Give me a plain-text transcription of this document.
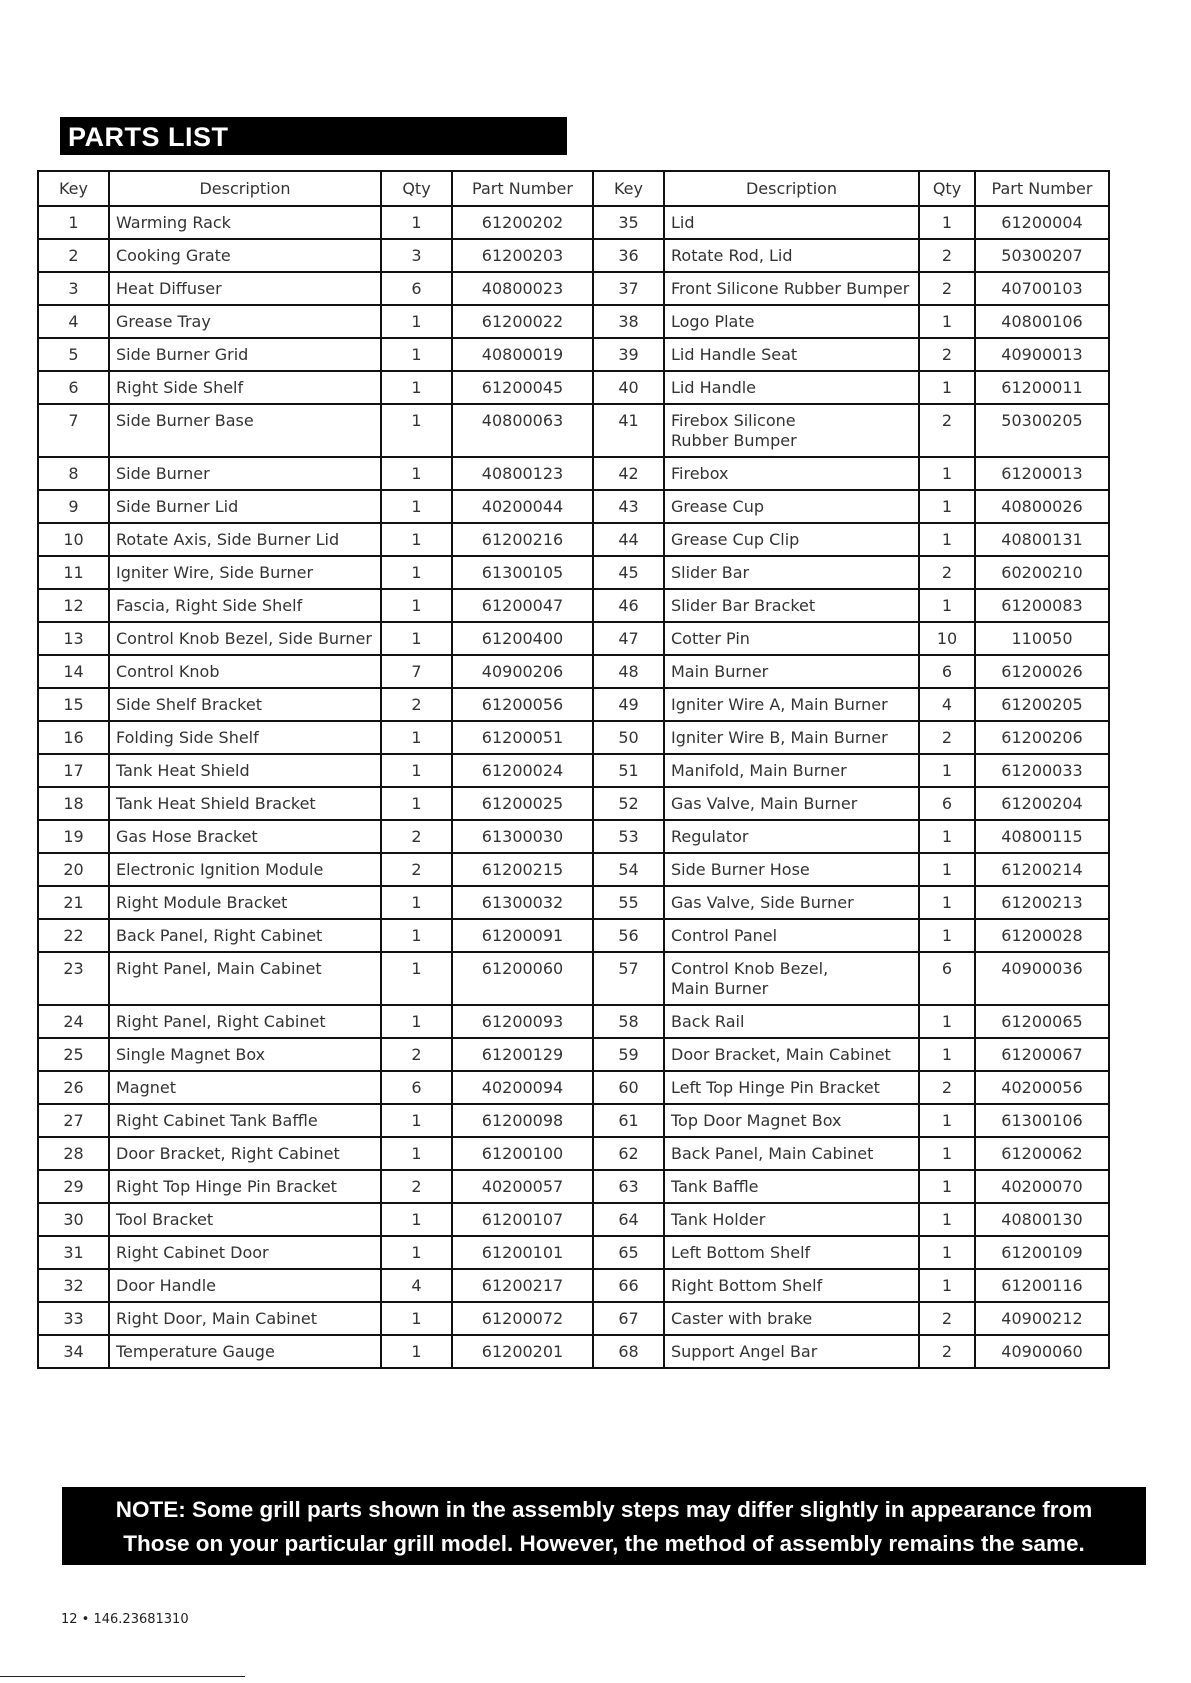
PARTS LIST
Key	Description	Qty	Part Number	Key	Description	Qty	Part Number
1	Warming Rack	1	61200202	35	Lid	1	61200004
2	Cooking Grate	3	61200203	36	Rotate Rod, Lid	2	50300207
3	Heat Diffuser	6	40800023	37	Front Silicone Rubber Bumper	2	40700103
4	Grease Tray	1	61200022	38	Logo Plate	1	40800106
5	Side Burner Grid	1	40800019	39	Lid Handle Seat	2	40900013
6	Right Side Shelf	1	61200045	40	Lid Handle	1	61200011
7	Side Burner Base	1	40800063	41	Firebox Silicone
Rubber Bumper	2	50300205
8	Side Burner	1	40800123	42	Firebox	1	61200013
9	Side Burner Lid	1	40200044	43	Grease Cup	1	40800026
10	Rotate Axis, Side Burner Lid	1	61200216	44	Grease Cup Clip	1	40800131
11	Igniter Wire, Side Burner	1	61300105	45	Slider Bar	2	60200210
12	Fascia, Right Side Shelf	1	61200047	46	Slider Bar Bracket	1	61200083
13	Control Knob Bezel, Side Burner	1	61200400	47	Cotter Pin	10	110050
14	Control Knob	7	40900206	48	Main Burner	6	61200026
15	Side Shelf Bracket	2	61200056	49	Igniter Wire A, Main Burner	4	61200205
16	Folding Side Shelf	1	61200051	50	Igniter Wire B, Main Burner	2	61200206
17	Tank Heat Shield	1	61200024	51	Manifold, Main Burner	1	61200033
18	Tank Heat Shield Bracket	1	61200025	52	Gas Valve, Main Burner	6	61200204
19	Gas Hose Bracket	2	61300030	53	Regulator	1	40800115
20	Electronic Ignition Module	2	61200215	54	Side Burner Hose	1	61200214
21	Right Module Bracket	1	61300032	55	Gas Valve, Side Burner	1	61200213
22	Back Panel, Right Cabinet	1	61200091	56	Control Panel	1	61200028
23	Right Panel, Main Cabinet	1	61200060	57	Control Knob Bezel,
Main Burner	6	40900036
24	Right Panel, Right Cabinet	1	61200093	58	Back Rail	1	61200065
25	Single Magnet Box	2	61200129	59	Door Bracket, Main Cabinet	1	61200067
26	Magnet	6	40200094	60	Left Top Hinge Pin Bracket	2	40200056
27	Right Cabinet Tank Baffle	1	61200098	61	Top Door Magnet Box	1	61300106
28	Door Bracket, Right Cabinet	1	61200100	62	Back Panel, Main Cabinet	1	61200062
29	Right Top Hinge Pin Bracket	2	40200057	63	Tank Baffle	1	40200070
30	Tool Bracket	1	61200107	64	Tank Holder	1	40800130
31	Right Cabinet Door	1	61200101	65	Left Bottom Shelf	1	61200109
32	Door Handle	4	61200217	66	Right Bottom Shelf	1	61200116
33	Right Door, Main Cabinet	1	61200072	67	Caster with brake	2	40900212
34	Temperature Gauge	1	61200201	68	Support Angel Bar	2	40900060
NOTE: Some grill parts shown in the assembly steps may differ slightly in appearance from
Those on your particular grill model. However, the method of assembly remains the same.
12 • 146.23681310
